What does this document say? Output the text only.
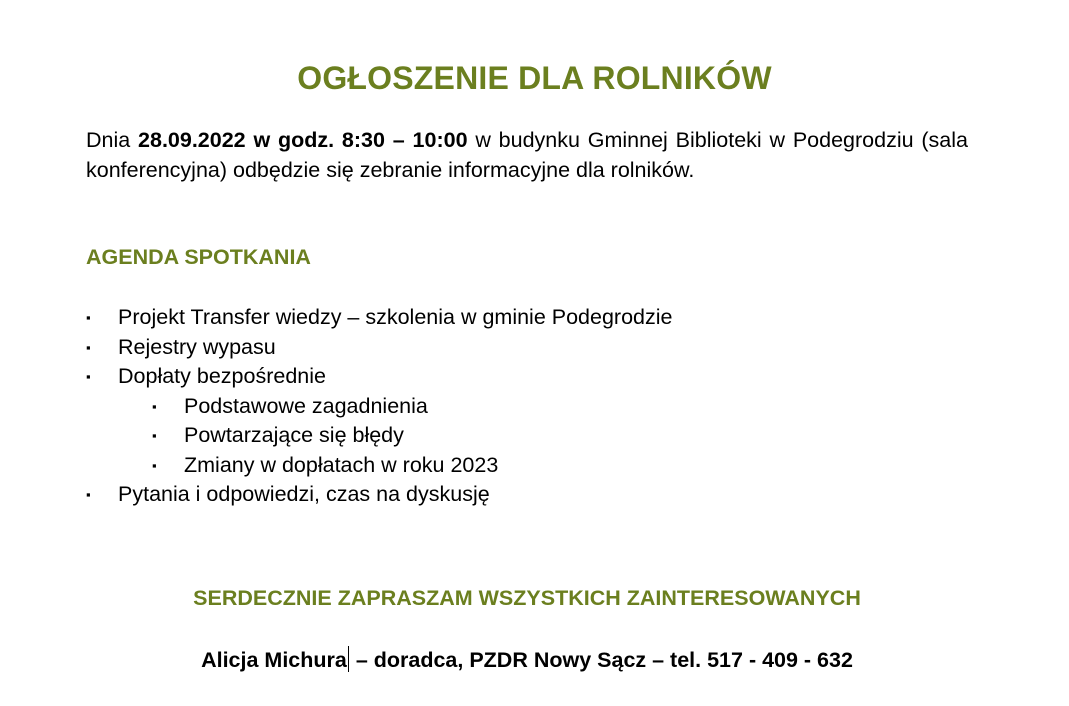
OGŁOSZENIE DLA ROLNIKÓW

Dnia 28.09.2022 w godz. 8:30 – 10:00 w budynku Gminnej Biblioteki w Podegrodziu (sala konferencyjna) odbędzie się zebranie informacyjne dla rolników.

AGENDA SPOTKANIA
▪ Projekt Transfer wiedzy – szkolenia w gminie Podegrodzie
▪ Rejestry wypasu
▪ Dopłaty bezpośrednie
▪ Podstawowe zagadnienia
▪ Powtarzające się błędy
▪ Zmiany w dopłatach w roku 2023
▪ Pytania i odpowiedzi, czas na dyskusję
SERDECZNIE ZAPRASZAM WSZYSTKICH ZAINTERESOWANYCH
Alicja Michura – doradca, PZDR Nowy Sącz – tel. 517 - 409 - 632
